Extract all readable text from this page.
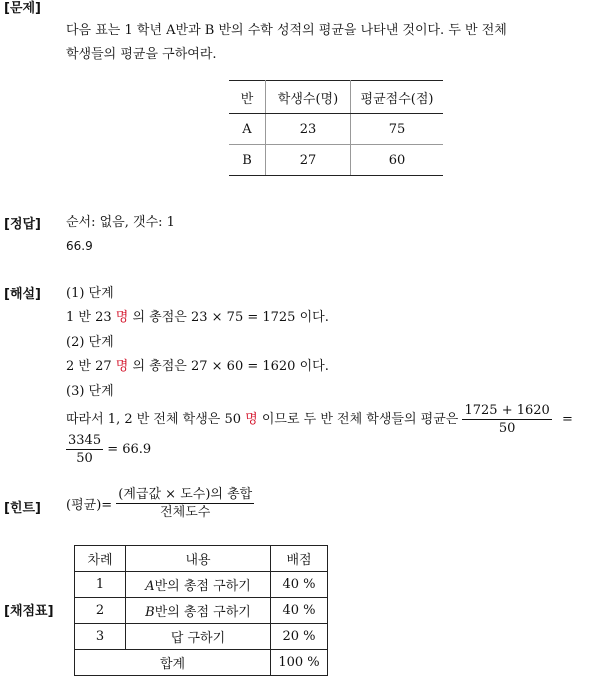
[문제]
다음 표는 1 학년 A반과 B 반의 수학 성적의 평균을 나타낸 것이다. 두 반 전체
학생들의 평균을 구하여라.
반	학생수(명)	평균점수(점)
A	23	75
B	27	60
[정답] 순서: 없음, 갯수: 1
66.9
[해설] (1) 단계
1 반 23 명 의 총점은 23 × 75 = 1725 이다.
(2) 단계
2 반 27 명 의 총점은 27 × 60 = 1620 이다.
(3) 단계
따라서 1, 2 반 전체 학생은 50 명 이므로 두 반 전체 학생들의 평균은 $\frac{1725 + 1620}{50}$ =
$\frac{3345}{50} = 66.9$
[힌트] (평균)= $\frac{\text{(계급값 × 도수)의 총합}}{\text{전체도수}}$
[채점표]
차례	내용	배점
1	A반의 총점 구하기	40 %
2	B반의 총점 구하기	40 %
3	답 구하기	20 %
합계		100 %
